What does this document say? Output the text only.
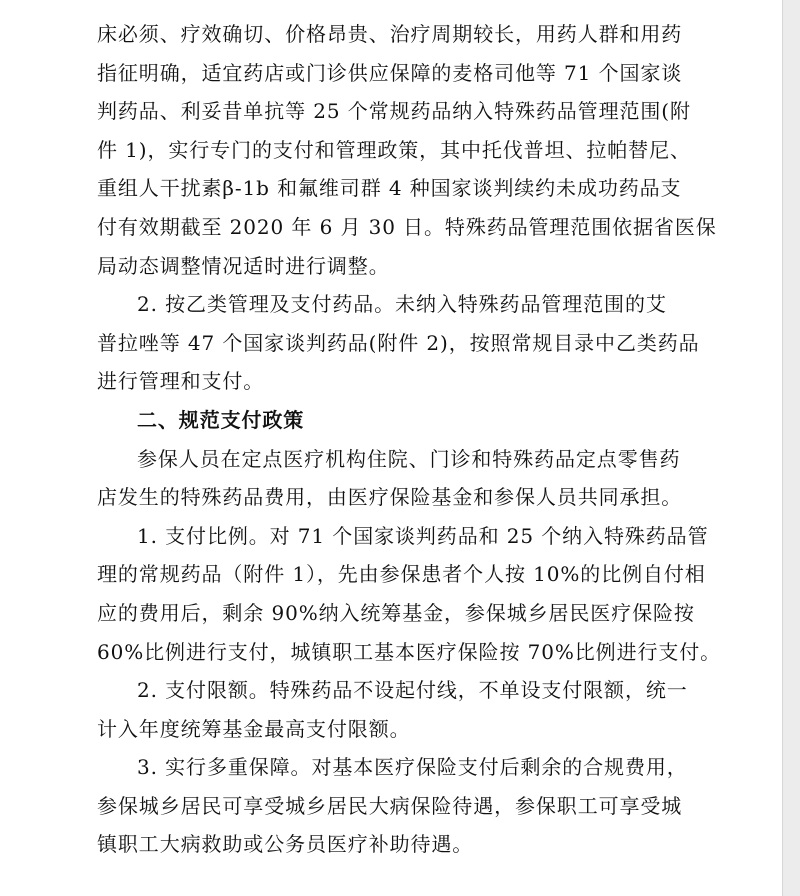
床必须、疗效确切、价格昂贵、治疗周期较长，用药人群和用药
指征明确，适宜药店或门诊供应保障的麦格司他等 71 个国家谈
判药品、利妥昔单抗等 25 个常规药品纳入特殊药品管理范围(附
件 1)，实行专门的支付和管理政策，其中托伐普坦、拉帕替尼、
重组人干扰素β-1b 和氟维司群 4 种国家谈判续约未成功药品支
付有效期截至 2020 年 6 月 30 日。特殊药品管理范围依据省医保
局动态调整情况适时进行调整。
2. 按乙类管理及支付药品。未纳入特殊药品管理范围的艾
普拉唑等 47 个国家谈判药品(附件 2)，按照常规目录中乙类药品
进行管理和支付。
二、规范支付政策
参保人员在定点医疗机构住院、门诊和特殊药品定点零售药
店发生的特殊药品费用，由医疗保险基金和参保人员共同承担。
1. 支付比例。对 71 个国家谈判药品和 25 个纳入特殊药品管
理的常规药品（附件 1），先由参保患者个人按 10%的比例自付相
应的费用后，剩余 90%纳入统筹基金，参保城乡居民医疗保险按
60%比例进行支付，城镇职工基本医疗保险按 70%比例进行支付。
2. 支付限额。特殊药品不设起付线，不单设支付限额，统一
计入年度统筹基金最高支付限额。
3. 实行多重保障。对基本医疗保险支付后剩余的合规费用，
参保城乡居民可享受城乡居民大病保险待遇，参保职工可享受城
镇职工大病救助或公务员医疗补助待遇。
